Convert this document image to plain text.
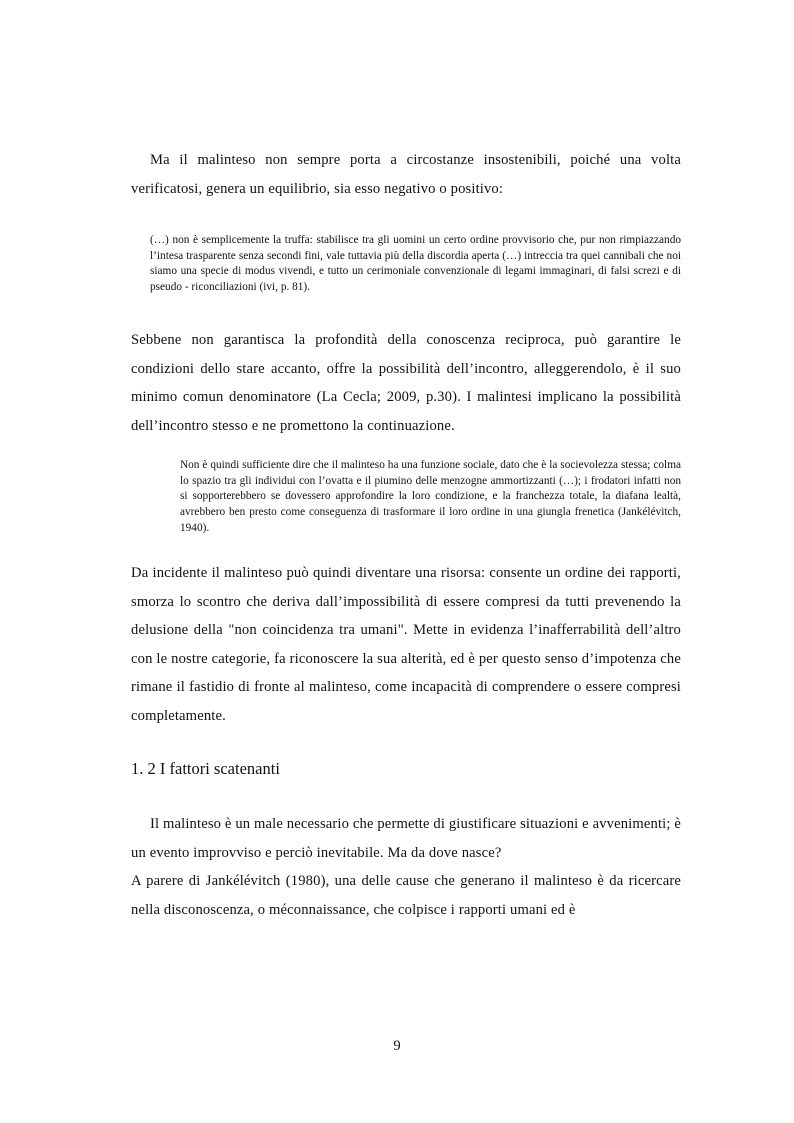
Ma il malinteso non sempre porta a circostanze insostenibili, poiché una volta verificatosi, genera un equilibrio, sia esso negativo o positivo:

(…) non è semplicemente la truffa: stabilisce tra gli uomini un certo ordine provvisorio che, pur non rimpiazzando l’intesa trasparente senza secondi fini, vale tuttavia più della discordia aperta (…) intreccia tra quei cannibali che noi siamo una specie di modus vivendi, e tutto un cerimoniale convenzionale di legami immaginari, di falsi screzi e di pseudo - riconciliazioni (ivi, p. 81).

Sebbene non garantisca la profondità della conoscenza reciproca, può garantire le condizioni dello stare accanto, offre la possibilità dell’incontro, alleggerendolo, è il suo minimo comun denominatore (La Cecla; 2009, p.30). I malintesi implicano la possibilità dell’incontro stesso e ne promettono la continuazione.

Non è quindi sufficiente dire che il malinteso ha una funzione sociale, dato che è la socievolezza stessa; colma lo spazio tra gli individui con l’ovatta e il piumino delle menzogne ammortizzanti (…); i frodatori infatti non si sopporterebbero se dovessero approfondire la loro condizione, e la franchezza totale, la diafana lealtà, avrebbero ben presto come conseguenza di trasformare il loro ordine in una giungla frenetica (Jankélévitch, 1940).

Da incidente il malinteso può quindi diventare una risorsa: consente un ordine dei rapporti, smorza lo scontro che deriva dall’impossibilità di essere compresi da tutti prevenendo la delusione della "non coincidenza tra umani". Mette in evidenza l’inafferrabilità dell’altro con le nostre categorie, fa riconoscere la sua alterità, ed è per questo senso d’impotenza che rimane il fastidio di fronte al malinteso, come incapacità di comprendere o essere compresi completamente.

1. 2 I fattori scatenanti

Il malinteso è un male necessario che permette di giustificare situazioni e avvenimenti; è un evento improvviso e perciò inevitabile. Ma da dove nasce?

A parere di Jankélévitch (1980), una delle cause che generano il malinteso è da ricercare nella disconoscenza, o méconnaissance, che colpisce i rapporti umani ed è

9
